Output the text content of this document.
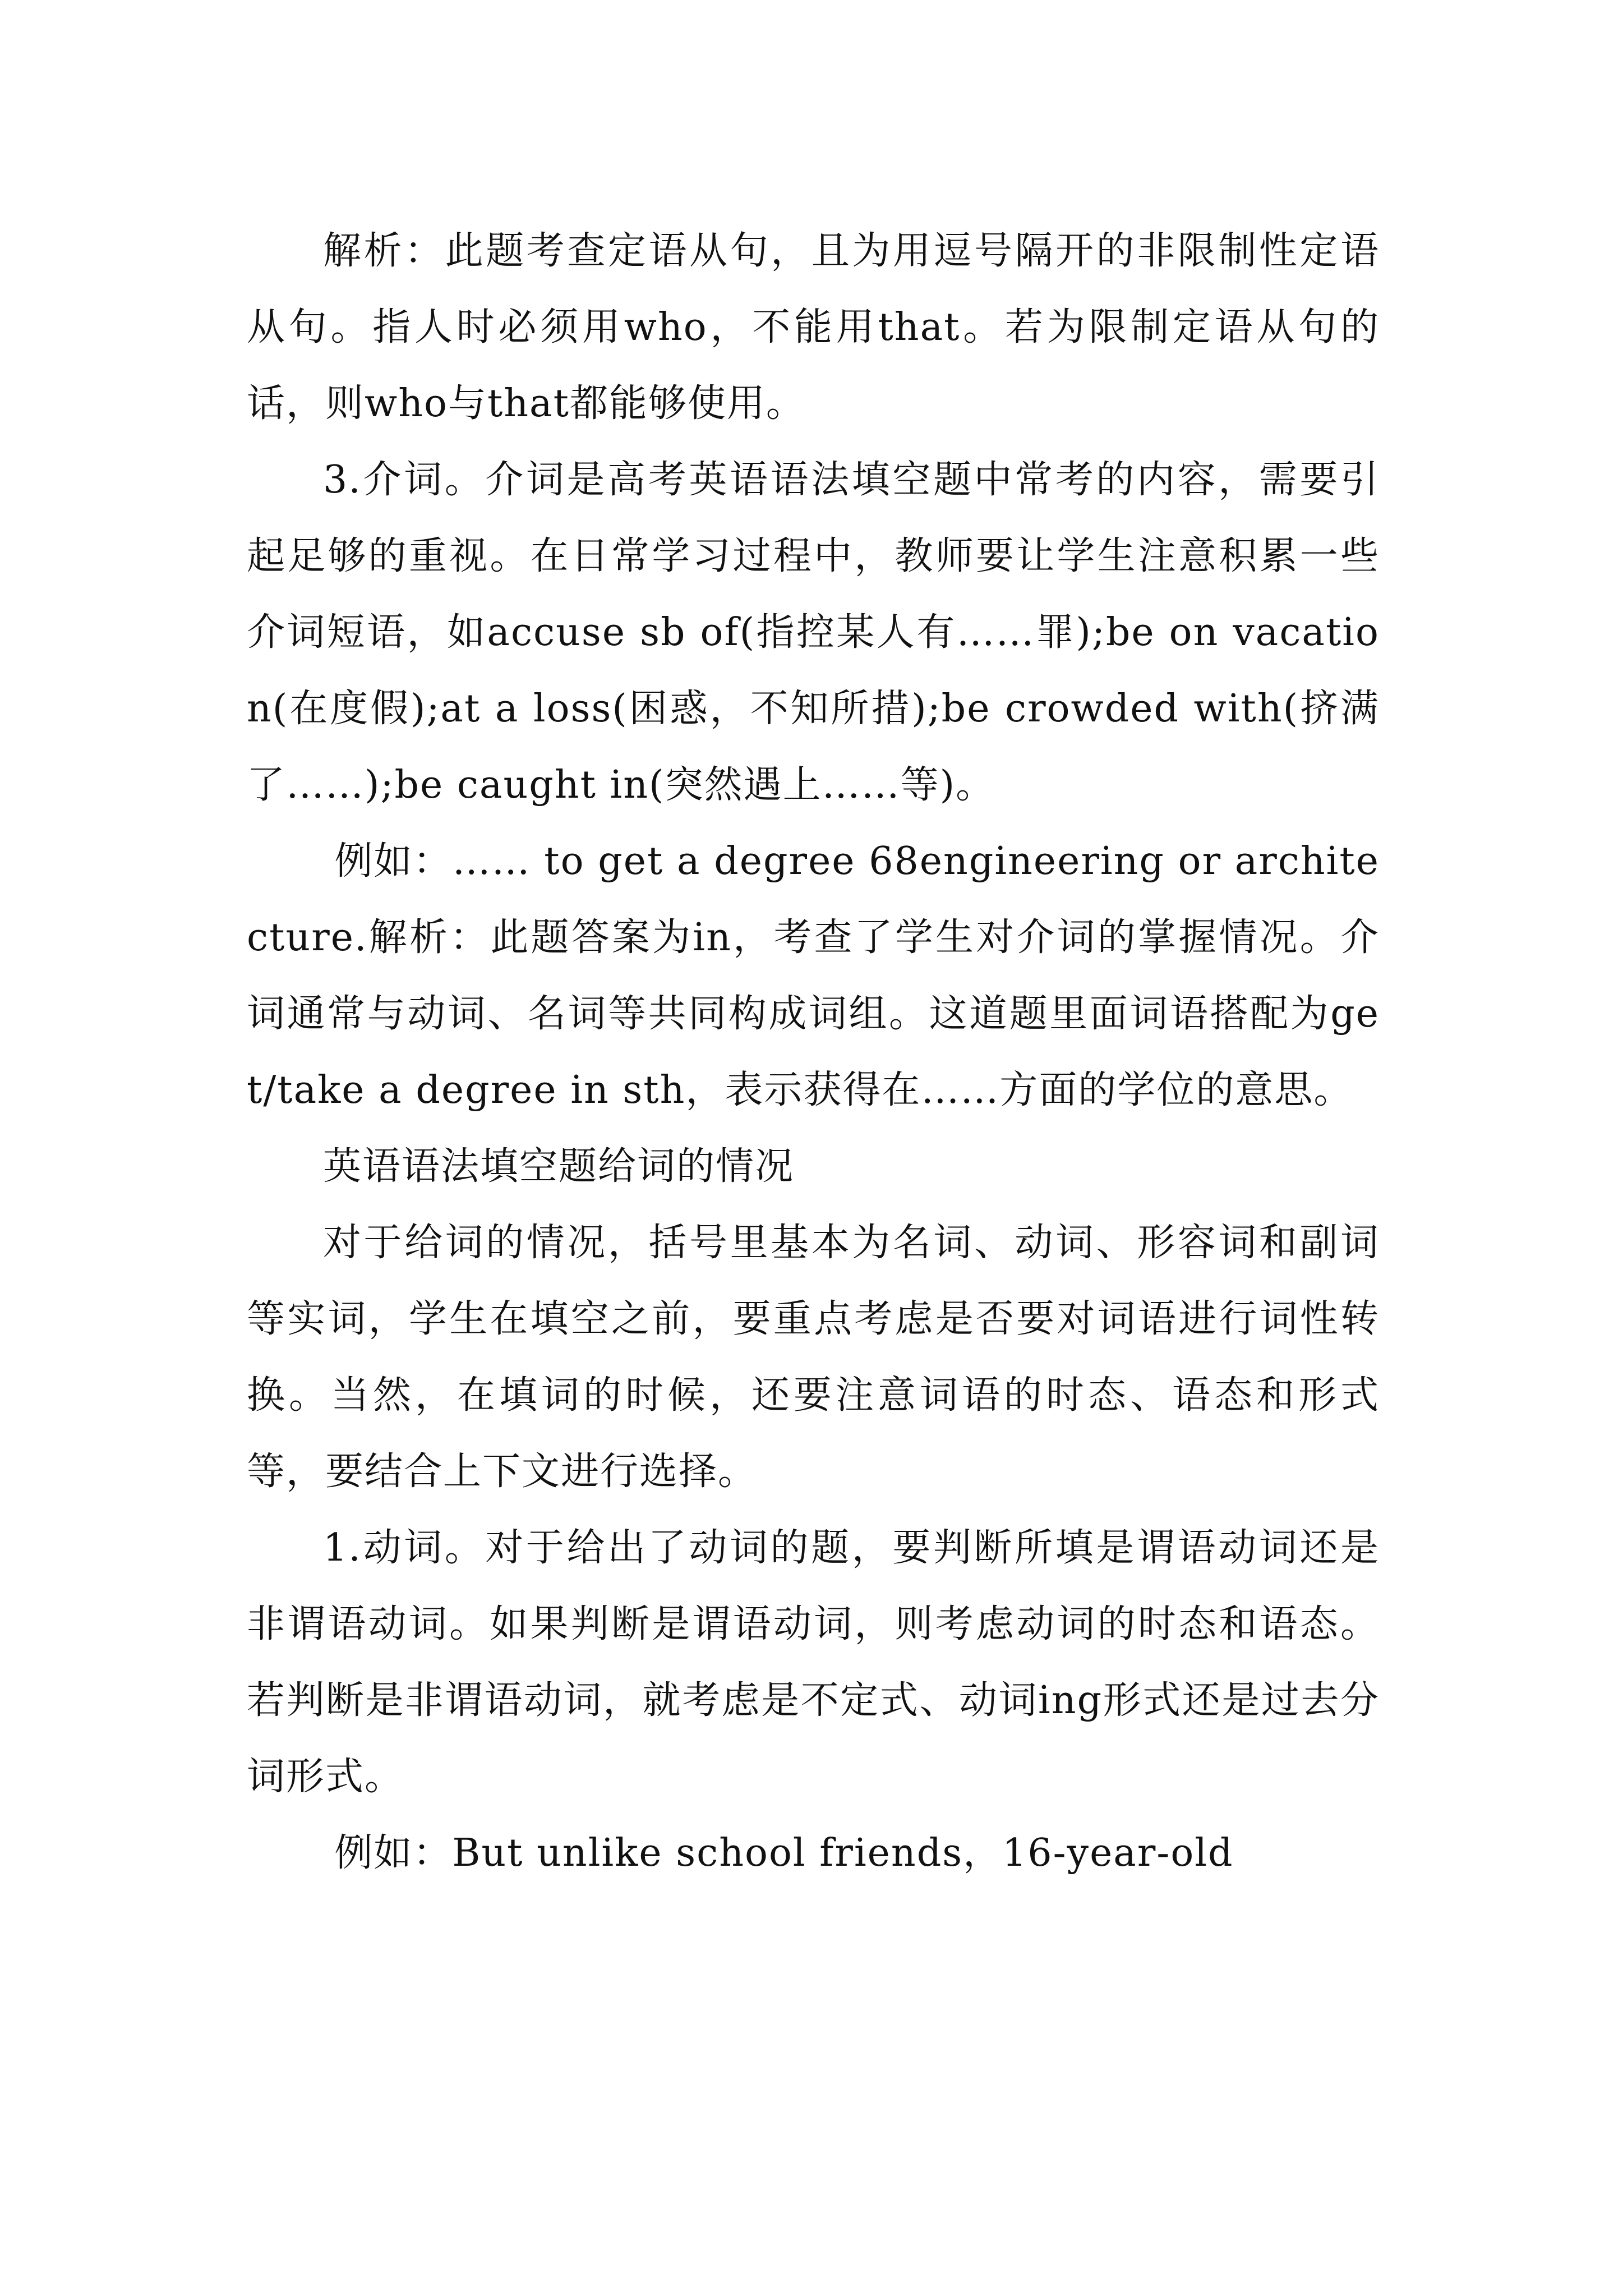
解析：此题考查定语从句，且为用逗号隔开的非限制性定语从句。指人时必须用who，不能用that。若为限制定语从句的话，则who与that都能够使用。

3.介词。介词是高考英语语法填空题中常考的内容，需要引起足够的重视。在日常学习过程中，教师要让学生注意积累一些介词短语，如accuse sb of(指控某人有……罪);be on vacation(在度假);at a loss(困惑，不知所措);be crowded with(挤满了……);be caught in(突然遇上……等)。

例如：…… to get a degree 68engineering or architecture.解析：此题答案为in，考查了学生对介词的掌握情况。介词通常与动词、名词等共同构成词组。这道题里面词语搭配为get/take a degree in sth，表示获得在……方面的学位的意思。

英语语法填空题给词的情况

对于给词的情况，括号里基本为名词、动词、形容词和副词等实词，学生在填空之前，要重点考虑是否要对词语进行词性转换。当然，在填词的时候，还要注意词语的时态、语态和形式等，要结合上下文进行选择。

1.动词。对于给出了动词的题，要判断所填是谓语动词还是非谓语动词。如果判断是谓语动词，则考虑动词的时态和语态。若判断是非谓语动词，就考虑是不定式、动词ing形式还是过去分词形式。

例如：But unlike school friends，16-year-old
